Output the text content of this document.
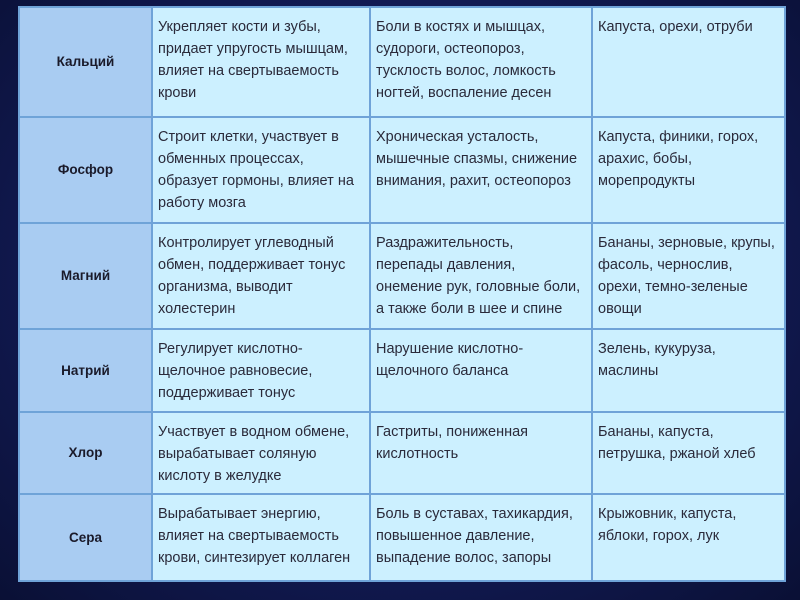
Кальций	Укрепляет кости и зубы, придает упругость мышцам, влияет на свертываемость крови	Боли в костях и мышцах, судороги, остеопороз, тусклость волос, ломкость ногтей, воспаление десен	Капуста, орехи, отруби
Фосфор	Строит клетки, участвует в обменных процессах, образует гормоны, влияет на работу мозга	Хроническая усталость, мышечные спазмы, снижение внимания, рахит, остеопороз	Капуста, финики, горох, арахис, бобы, морепродукты
Магний	Контролирует углеводный обмен, поддерживает тонус организма, выводит холестерин	Раздражительность, перепады давления, онемение рук, головные боли, а также боли в шее и спине	Бананы, зерновые, крупы, фасоль, чернослив, орехи, темно-зеленые овощи
Натрий	Регулирует кислотно-щелочное равновесие, поддерживает тонус	Нарушение кислотно-щелочного баланса	Зелень, кукуруза, маслины
Хлор	Участвует в водном обмене, вырабатывает соляную кислоту в желудке	Гастриты, пониженная кислотность	Бананы, капуста, петрушка, ржаной хлеб
Сера	Вырабатывает энергию, влияет на свертываемость крови, синтезирует коллаген	Боль в суставах, тахикардия, повышенное давление, выпадение волос, запоры	Крыжовник, капуста, яблоки, горох, лук
